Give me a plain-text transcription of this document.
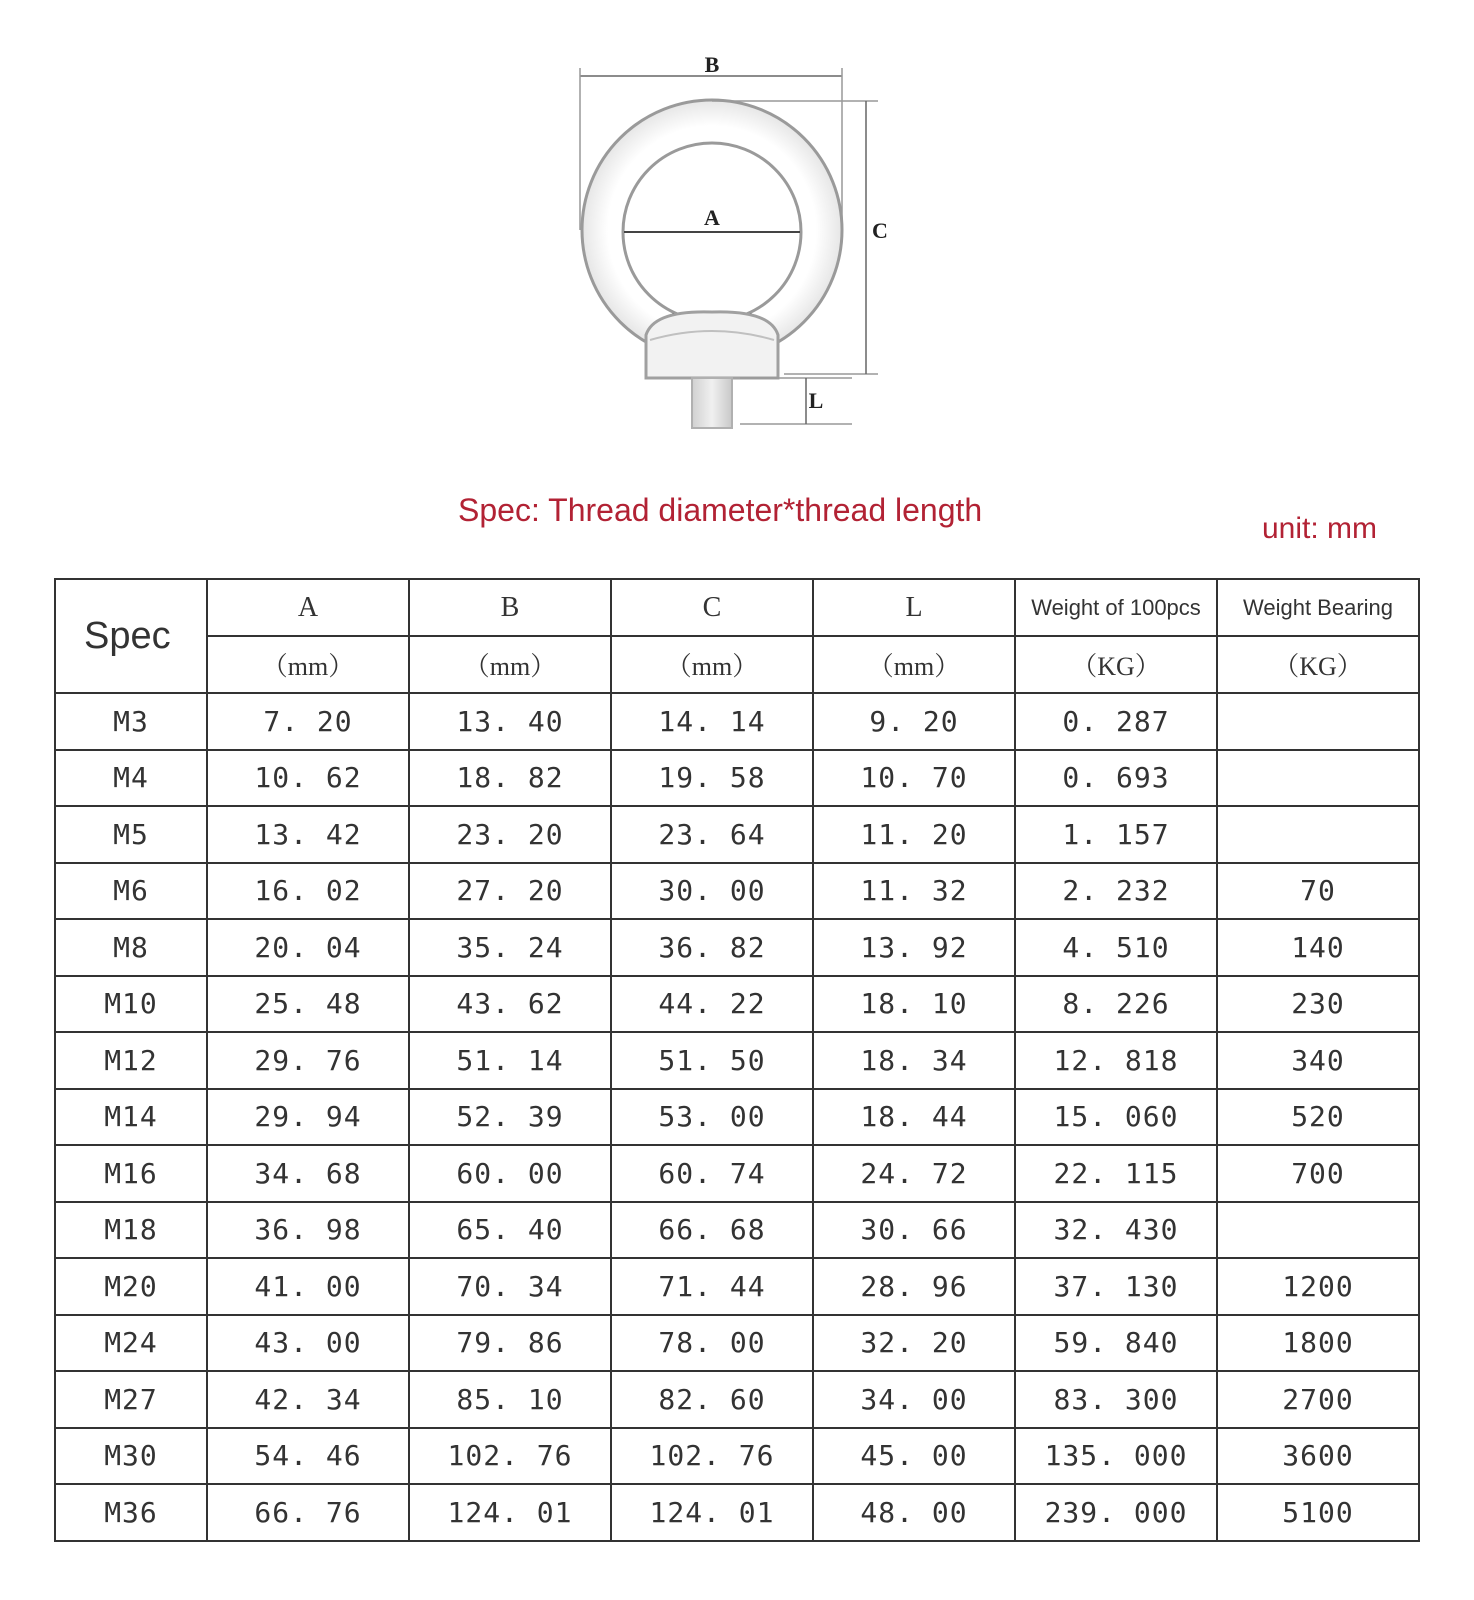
B
A
C
L
Spec: Thread diameter*thread length
unit: mm
Spec	A	B	C	L	Weight of 100pcs	Weight Bearing
	（mm）	（mm）	（mm）	（mm）	（KG）	（KG）
M3	7. 20	13. 40	14. 14	9. 20	0. 287	
M4	10. 62	18. 82	19. 58	10. 70	0. 693	
M5	13. 42	23. 20	23. 64	11. 20	1. 157	
M6	16. 02	27. 20	30. 00	11. 32	2. 232	70
M8	20. 04	35. 24	36. 82	13. 92	4. 510	140
M10	25. 48	43. 62	44. 22	18. 10	8. 226	230
M12	29. 76	51. 14	51. 50	18. 34	12. 818	340
M14	29. 94	52. 39	53. 00	18. 44	15. 060	520
M16	34. 68	60. 00	60. 74	24. 72	22. 115	700
M18	36. 98	65. 40	66. 68	30. 66	32. 430	
M20	41. 00	70. 34	71. 44	28. 96	37. 130	1200
M24	43. 00	79. 86	78. 00	32. 20	59. 840	1800
M27	42. 34	85. 10	82. 60	34. 00	83. 300	2700
M30	54. 46	102. 76	102. 76	45. 00	135. 000	3600
M36	66. 76	124. 01	124. 01	48. 00	239. 000	5100
